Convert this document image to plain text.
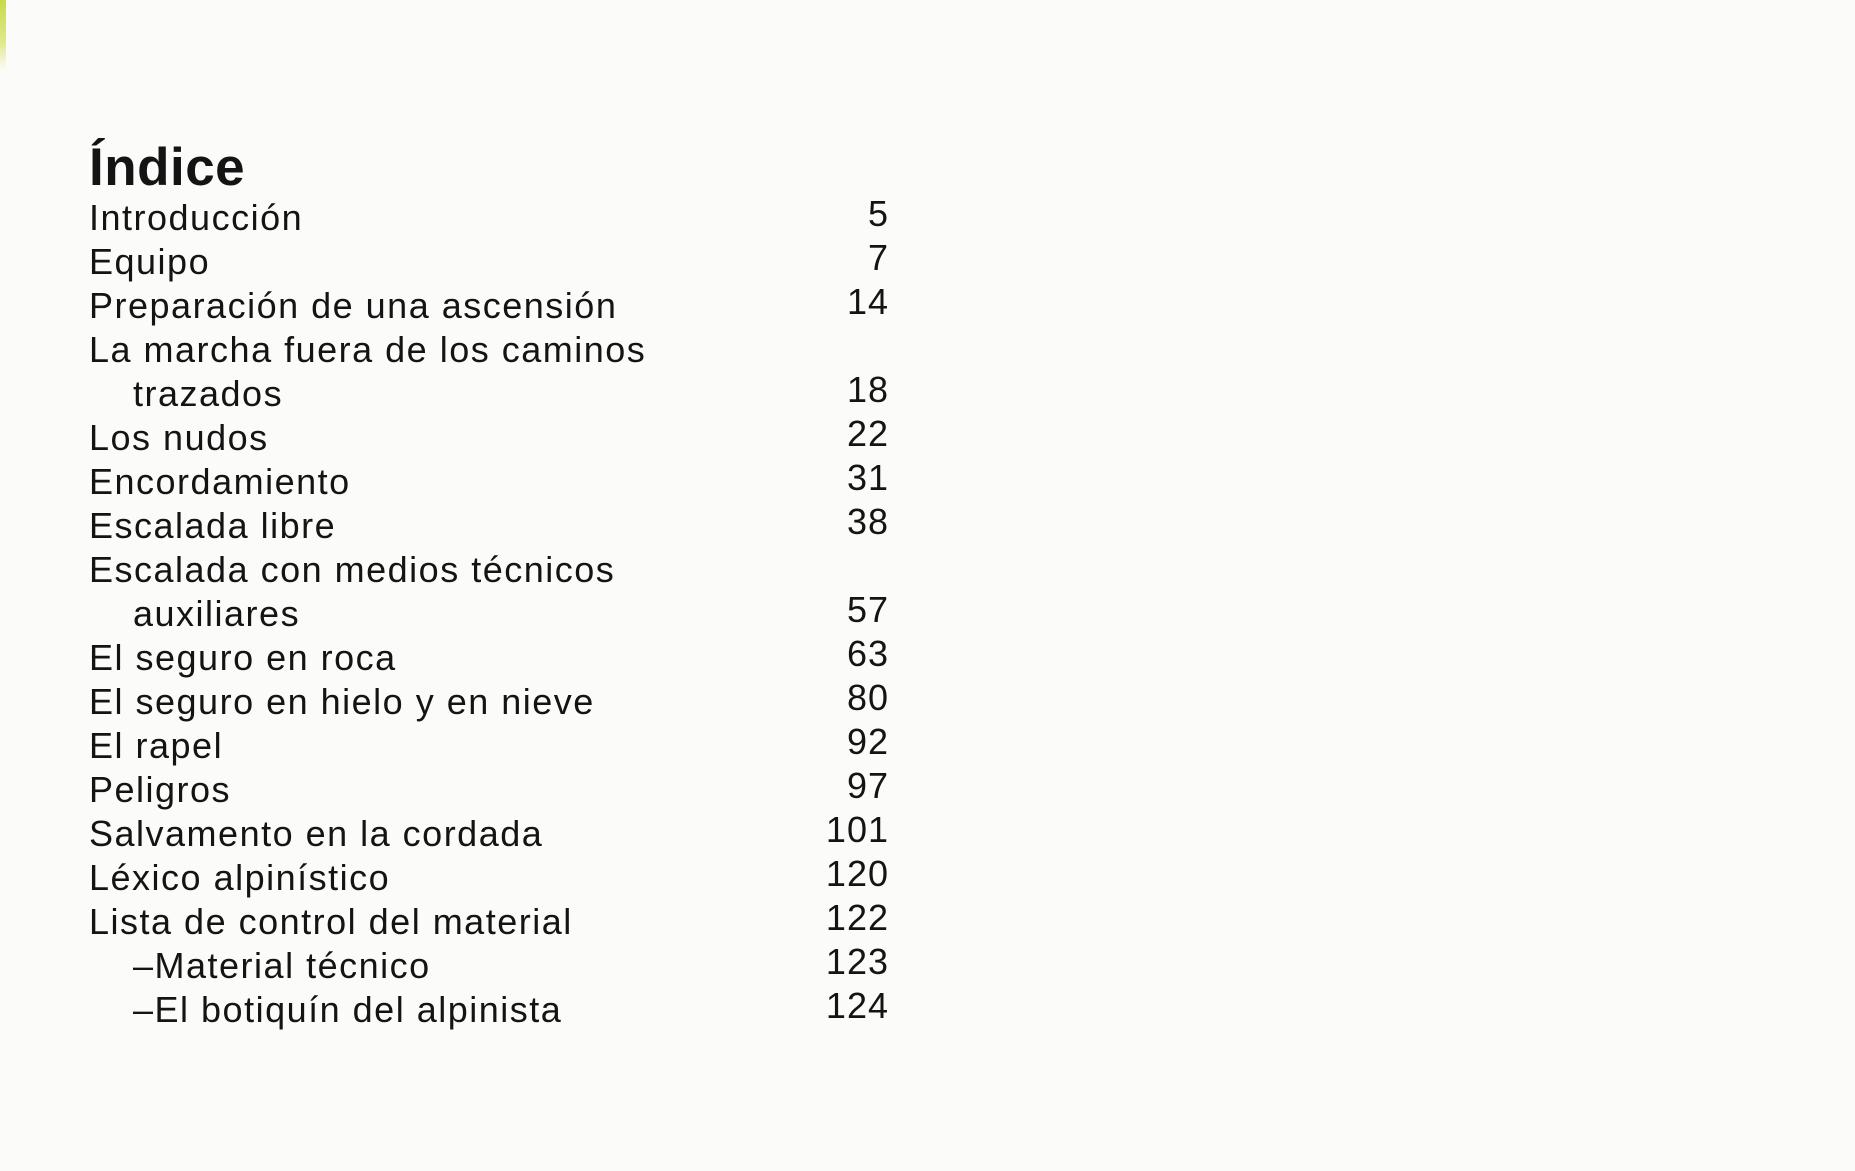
Índice
Introducción	5
Equipo	7
Preparación de una ascensión	14
La marcha fuera de los caminos
trazados	18
Los nudos	22
Encordamiento	31
Escalada libre	38
Escalada con medios técnicos
auxiliares	57
El seguro en roca	63
El seguro en hielo y en nieve	80
El rapel	92
Peligros	97
Salvamento en la cordada	101
Léxico alpinístico	120
Lista de control del material	122
–Material técnico	123
–El botiquín del alpinista	124
